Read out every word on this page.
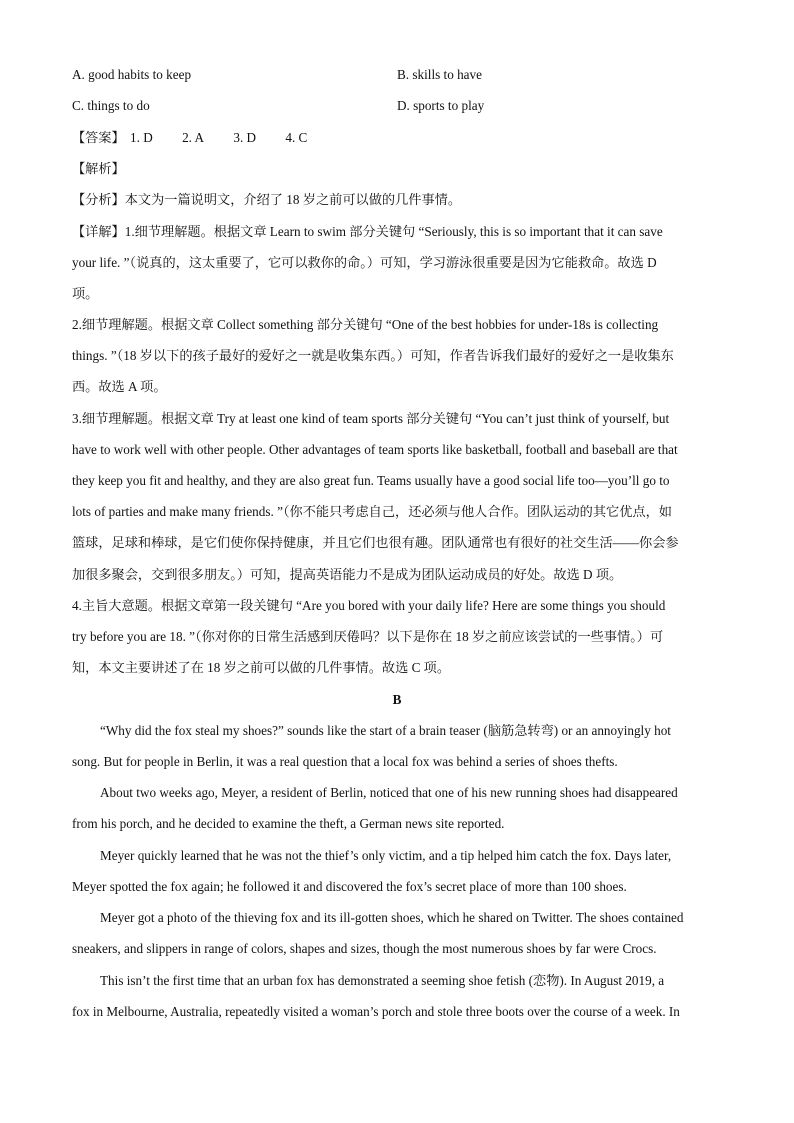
A. good habits to keep	B. skills to have
C. things to do	D. sports to play
【答案】 1. D 2. A 3. D 4. C
【解析】
【分析】本文为一篇说明文，介绍了 18 岁之前可以做的几件事情。
【详解】1.细节理解题。根据文章 Learn to swim 部分关键句 “Seriously, this is so important that it can save
your life. ”（说真的，这太重要了，它可以救你的命。）可知，学习游泳很重要是因为它能救命。故选 D
项。
2.细节理解题。根据文章 Collect something 部分关键句 “One of the best hobbies for under-18s is collecting
things. ”（18 岁以下的孩子最好的爱好之一就是收集东西。）可知，作者告诉我们最好的爱好之一是收集东
西。故选 A 项。
3.细节理解题。根据文章 Try at least one kind of team sports 部分关键句 “You can’t just think of yourself, but
have to work well with other people. Other advantages of team sports like basketball, football and baseball are that
they keep you fit and healthy, and they are also great fun. Teams usually have a good social life too—you’ll go to
lots of parties and make many friends. ”（你不能只考虑自己，还必须与他人合作。团队运动的其它优点，如
篮球，足球和棒球，是它们使你保持健康，并且它们也很有趣。团队通常也有很好的社交生活——你会参
加很多聚会，交到很多朋友。）可知，提高英语能力不是成为团队运动成员的好处。故选 D 项。
4.主旨大意题。根据文章第一段关键句 “Are you bored with your daily life? Here are some things you should
try before you are 18. ”（你对你的日常生活感到厌倦吗？以下是你在 18 岁之前应该尝试的一些事情。）可
知，本文主要讲述了在 18 岁之前可以做的几件事情。故选 C 项。
B
“Why did the fox steal my shoes?” sounds like the start of a brain teaser (脑筋急转弯) or an annoyingly hot
song. But for people in Berlin, it was a real question that a local fox was behind a series of shoes thefts.
About two weeks ago, Meyer, a resident of Berlin, noticed that one of his new running shoes had disappeared
from his porch, and he decided to examine the theft, a German news site reported.
Meyer quickly learned that he was not the thief’s only victim, and a tip helped him catch the fox. Days later,
Meyer spotted the fox again; he followed it and discovered the fox’s secret place of more than 100 shoes.
Meyer got a photo of the thieving fox and its ill-gotten shoes, which he shared on Twitter. The shoes contained
sneakers, and slippers in range of colors, shapes and sizes, though the most numerous shoes by far were Crocs.
This isn’t the first time that an urban fox has demonstrated a seeming shoe fetish (恋物). In August 2019, a
fox in Melbourne, Australia, repeatedly visited a woman’s porch and stole three boots over the course of a week. In
